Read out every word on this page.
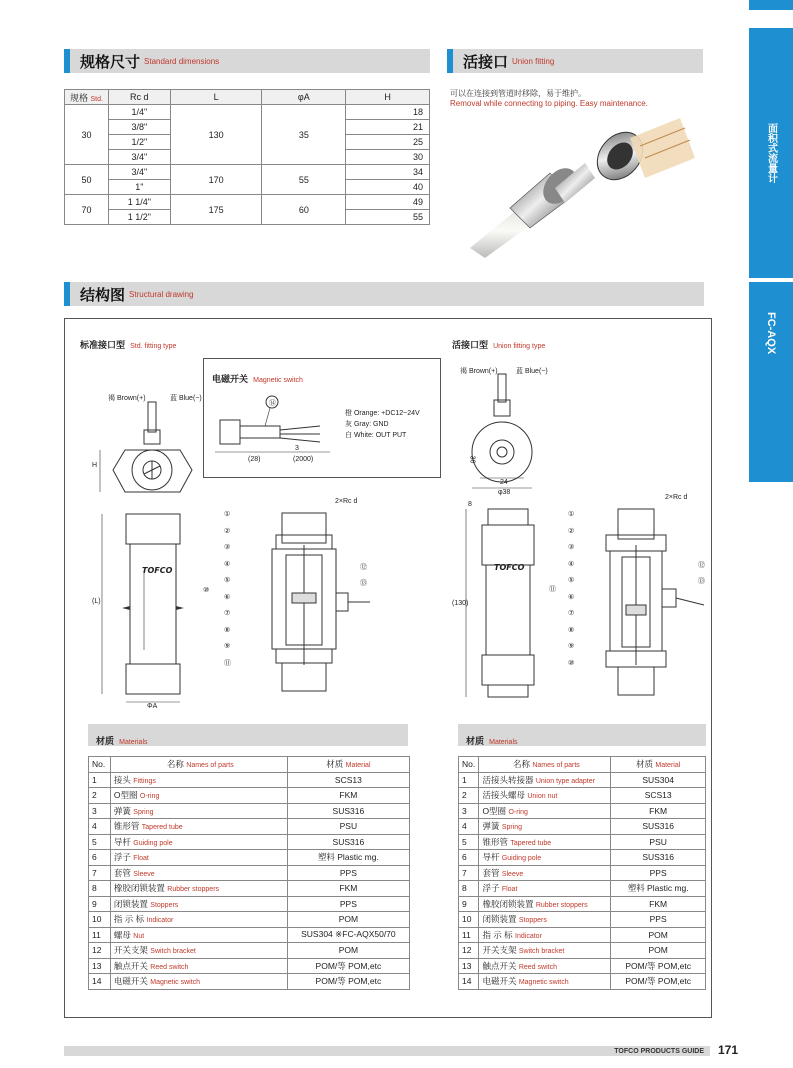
面积式流量计
FC-AQX
规格尺寸 Standard dimensions
规格 Std.	Rc d	L	φA	H
30	1/4"	130	35	18
	3/8"			21
	1/2"			25
	3/4"			30
50	3/4"	170	55	34
	1"			40
70	1 1/4"	175	60	49
	1 1/2"			55
活接口 Union fitting
可以在连接到管道时移除，易于维护。
Removal while connecting to piping. Easy maintenance.
结构图 Structural drawing
标准接口型 Std. fitting type	活接口型 Union fitting type
褐 Brown(+)	蓝 Blue(−)
H
电磁开关 Magnetic switch
⑭
橙 Orange: +DC12~24V
灰 Gray: GND
白 White: OUT PUT
3
(28)	(2000)
TOFCO
(L)
ΦA
⑩
2×Rc d
①
②
③
④
⑤
⑥
⑦
⑧
⑨
⑪
⑫
⑬
褐 Brown(+)	蓝 Blue(−)
36
24
φ38
8
TOFCO
(130)
2×Rc d
①
②
③
④
⑤
⑥
⑦
⑧
⑨
⑩
⑫
⑬
⑪
材质 Materials	材质 Materials
No.	名称 Names of parts	材质 Material
1	接头 Fittings	SCS13
2	O型圈 O-ring	FKM
3	弹簧 Spring	SUS316
4	锥形管 Tapered tube	PSU
5	导杆 Guiding pole	SUS316
6	浮子 Float	塑料 Plastic mg.
7	套管 Sleeve	PPS
8	橡胶闭锁装置 Rubber stoppers	FKM
9	闭锁装置 Stoppers	PPS
10	指 示 标 Indicator	POM
11	螺母 Nut	SUS304 ※FC-AQX50/70
12	开关支架 Switch bracket	POM
13	触点开关 Reed switch	POM/等 POM,etc
14	电磁开关 Magnetic switch	POM/等 POM,etc
No.	名称 Names of parts	材质 Material
1	活接头转接器 Union type adapter	SUS304
2	活接头螺母 Union nut	SCS13
3	O型圈 O-ring	FKM
4	弹簧 Spring	SUS316
5	锥形管 Tapered tube	PSU
6	导杆 Guiding pole	SUS316
7	套管 Sleeve	PPS
8	浮子 Float	塑料 Plastic mg.
9	橡胶闭锁装置 Rubber stoppers	FKM
10	闭锁装置 Stoppers	PPS
11	指 示 标 Indicator	POM
12	开关支架 Switch bracket	POM
13	触点开关 Reed switch	POM/等 POM,etc
14	电磁开关 Magnetic switch	POM/等 POM,etc
TOFCO PRODUCTS GUIDE 171
